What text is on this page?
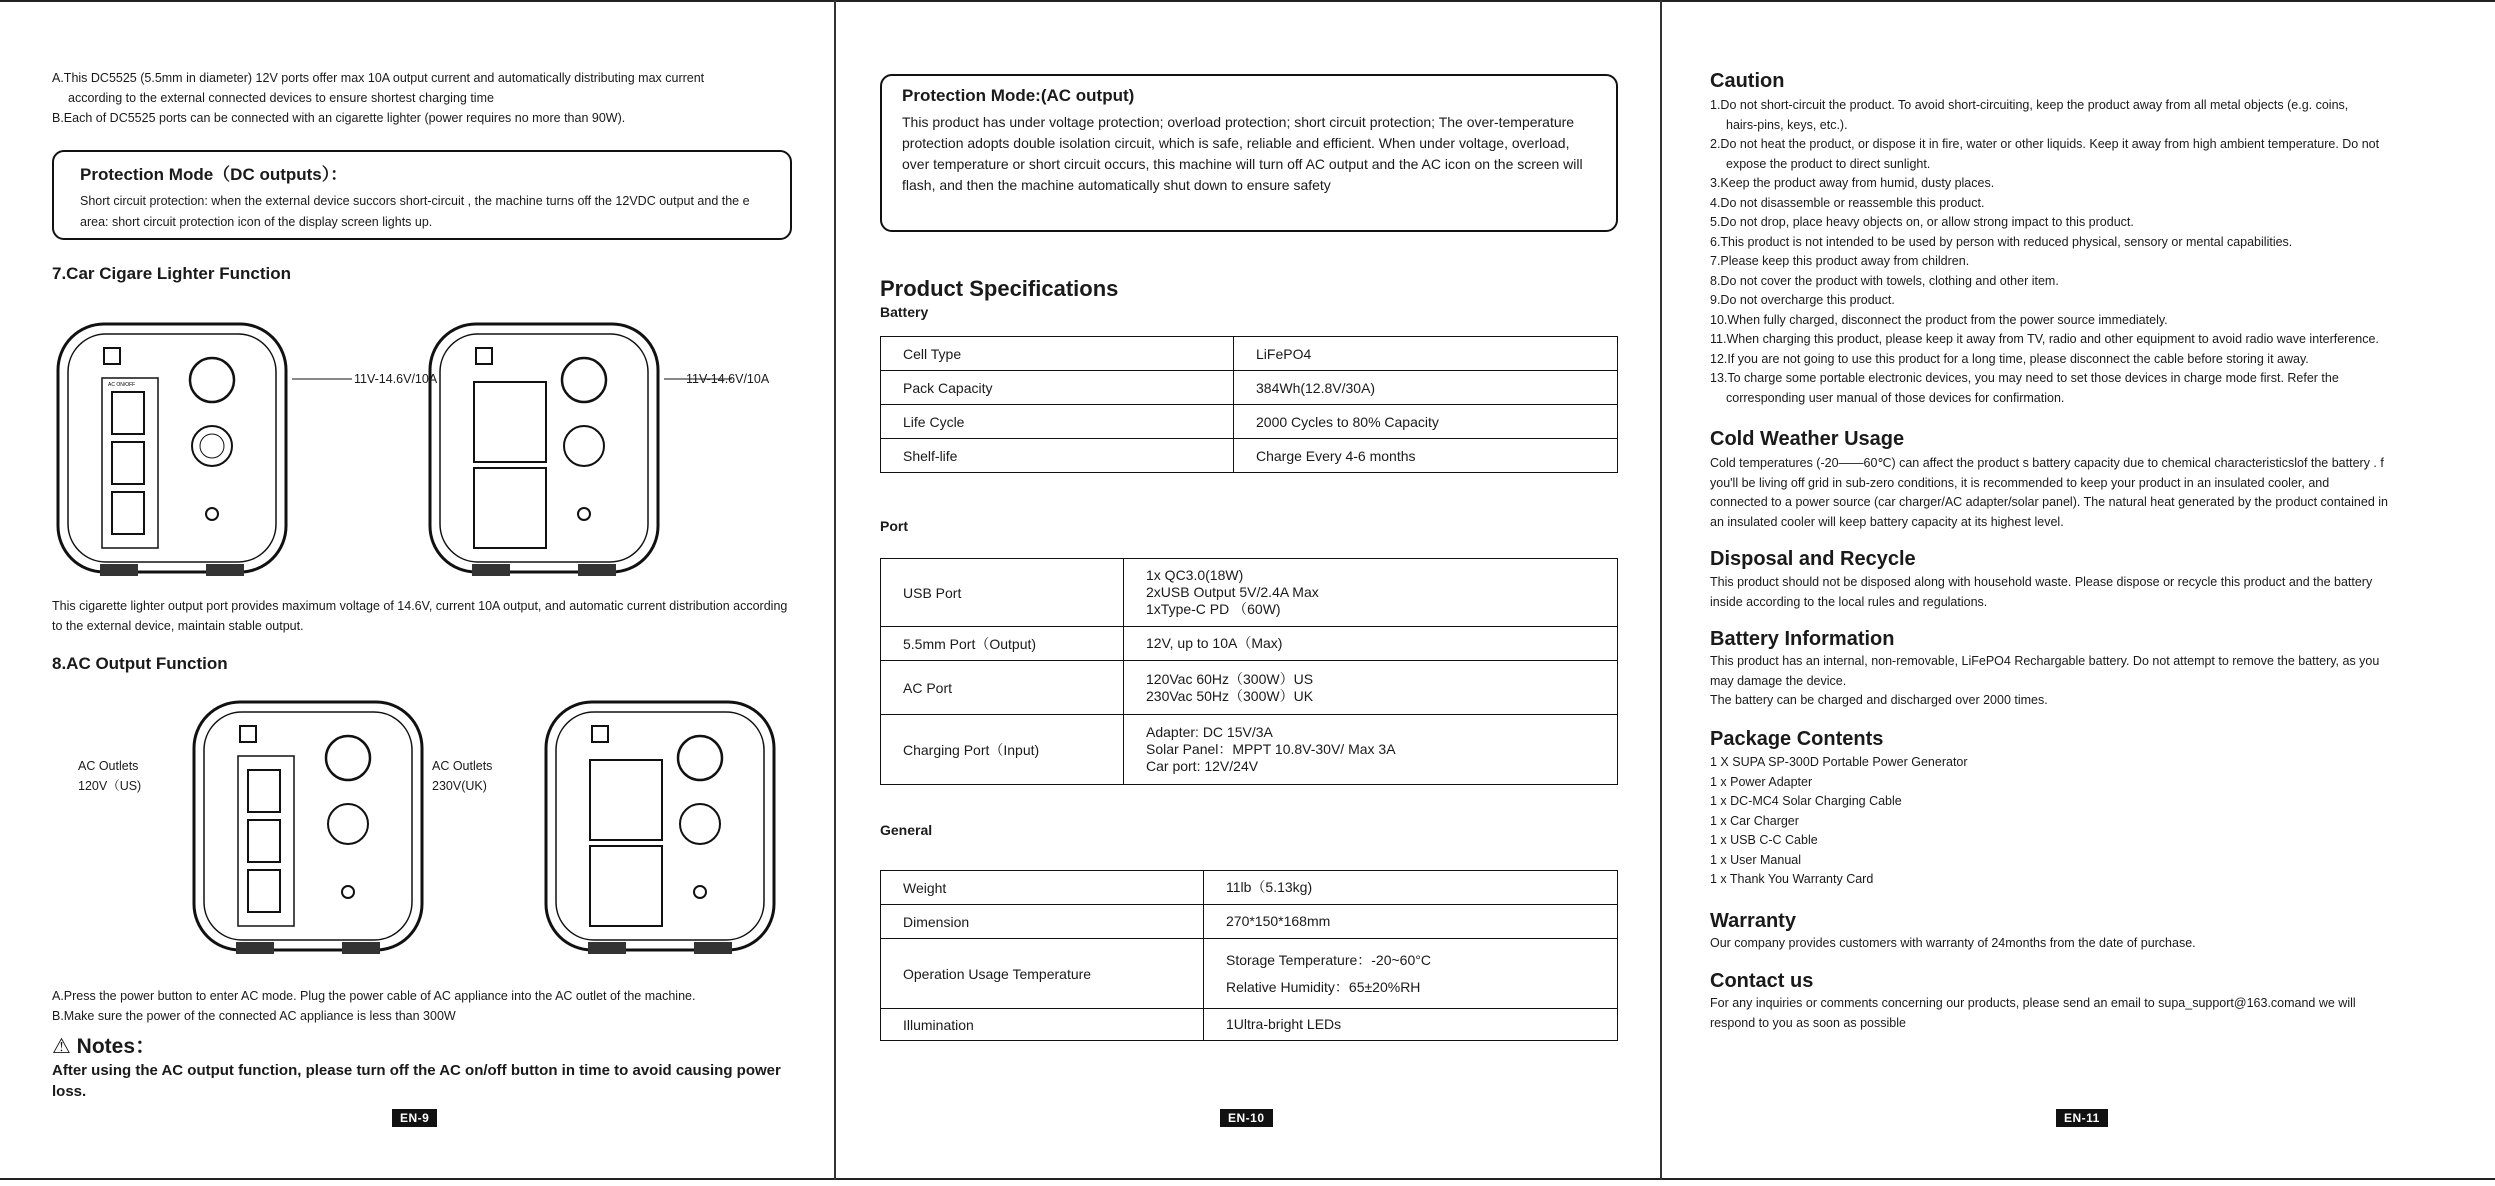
A.This DC5525 (5.5mm in diameter) 12V ports offer max 10A output current and automatically distributing max current
according to the external connected devices to ensure shortest charging time
B.Each of DC5525 ports can be connected with an cigarette lighter (power requires no more than 90W).
Protection Mode（DC outputs）：
Short circuit protection: when the external device succors short-circuit , the machine turns off the 12VDC output and the e area: short circuit protection icon of the display screen lights up.
7.Car Cigare Lighter Function
AC ON/OFF	11V-14.6V/10A	11V-14.6V/10A
This cigarette lighter output port provides maximum voltage of 14.6V, current 10A output, and automatic current distribution according to the external device, maintain stable output.
8.AC Output Function
AC Outlets
120V（US)
AC Outlets
230V(UK)
A.Press the power button to enter AC mode. Plug the power cable of AC appliance into the AC outlet of the machine.
B.Make sure the power of the connected AC appliance is less than 300W
⚠ Notes：
After using the AC output function, please turn off the AC on/off button in time to avoid causing power loss.
EN-9
Protection Mode:(AC output)
This product has under voltage protection; overload protection; short circuit protection; The over-temperature protection adopts double isolation circuit, which is safe, reliable and efficient. When under voltage, overload, over temperature or short circuit occurs, this machine will turn off AC output and the AC icon on the screen will flash, and then the machine automatically shut down to ensure safety
Product Specifications
Battery
Cell Type	LiFePO4
Pack Capacity	384Wh(12.8V/30A)
Life Cycle	2000 Cycles to 80% Capacity
Shelf-life	Charge Every 4-6 months
Port
USB Port	1x QC3.0(18W)
2xUSB Output 5V/2.4A Max
1xType-C PD （60W)

5.5mm Port（Output)	12V, up to 10A（Max)

AC Port	120Vac 60Hz（300W）US
230Vac 50Hz（300W）UK

Charging Port（Input)	Adapter: DC 15V/3A
Solar Panel：MPPT 10.8V-30V/ Max 3A
Car port: 12V/24V
General
Weight	11lb（5.13kg)

Dimension	270*150*168mm

Operation Usage Temperature	Storage Temperature：-20~60°C
Relative Humidity：65±20%RH

Illumination	1Ultra-bright LEDs
EN-10
Caution
1.Do not short-circuit the product. To avoid short-circuiting, keep the product away from all metal objects (e.g. coins,
hairs-pins, keys, etc.).
2.Do not heat the product, or dispose it in fire, water or other liquids. Keep it away from high ambient temperature. Do not
expose the product to direct sunlight.
3.Keep the product away from humid, dusty places.
4.Do not disassemble or reassemble this product.
5.Do not drop, place heavy objects on, or allow strong impact to this product.
6.This product is not intended to be used by person with reduced physical, sensory or mental capabilities.
7.Please keep this product away from children.
8.Do not cover the product with towels, clothing and other item.
9.Do not overcharge this product.
10.When fully charged, disconnect the product from the power source immediately.
11.When charging this product, please keep it away from TV, radio and other equipment to avoid radio wave interference.
12.If you are not going to use this product for a long time, please disconnect the cable before storing it away.
13.To charge some portable electronic devices, you may need to set those devices in charge mode first. Refer the
corresponding user manual of those devices for confirmation.
Cold Weather Usage
Cold temperatures (-20——60℃) can affect the product s battery capacity due to chemical characteristicslof the battery . f
you'll be living off grid in sub-zero conditions, it is recommended to keep your product in an insulated cooler, and
connected to a power source (car charger/AC adapter/solar panel). The natural heat generated by the product contained in
an insulated cooler will keep battery capacity at its highest level.
Disposal and Recycle
This product should not be disposed along with household waste. Please dispose or recycle this product and the battery
inside according to the local rules and regulations.
Battery Information
This product has an internal, non-removable, LiFePO4 Rechargable battery. Do not attempt to remove the battery, as you
may damage the device.
The battery can be charged and discharged over 2000 times.
Package Contents
1 X SUPA SP-300D Portable Power Generator
1 x Power Adapter
1 x DC-MC4 Solar Charging Cable
1 x Car Charger
1 x USB C-C Cable
1 x User Manual
1 x Thank You Warranty Card
Warranty
Our company provides customers with warranty of 24months from the date of purchase.
Contact us
For any inquiries or comments concerning our products, please send an email to supa_support@163.comand we will
respond to you as soon as possible
EN-11
